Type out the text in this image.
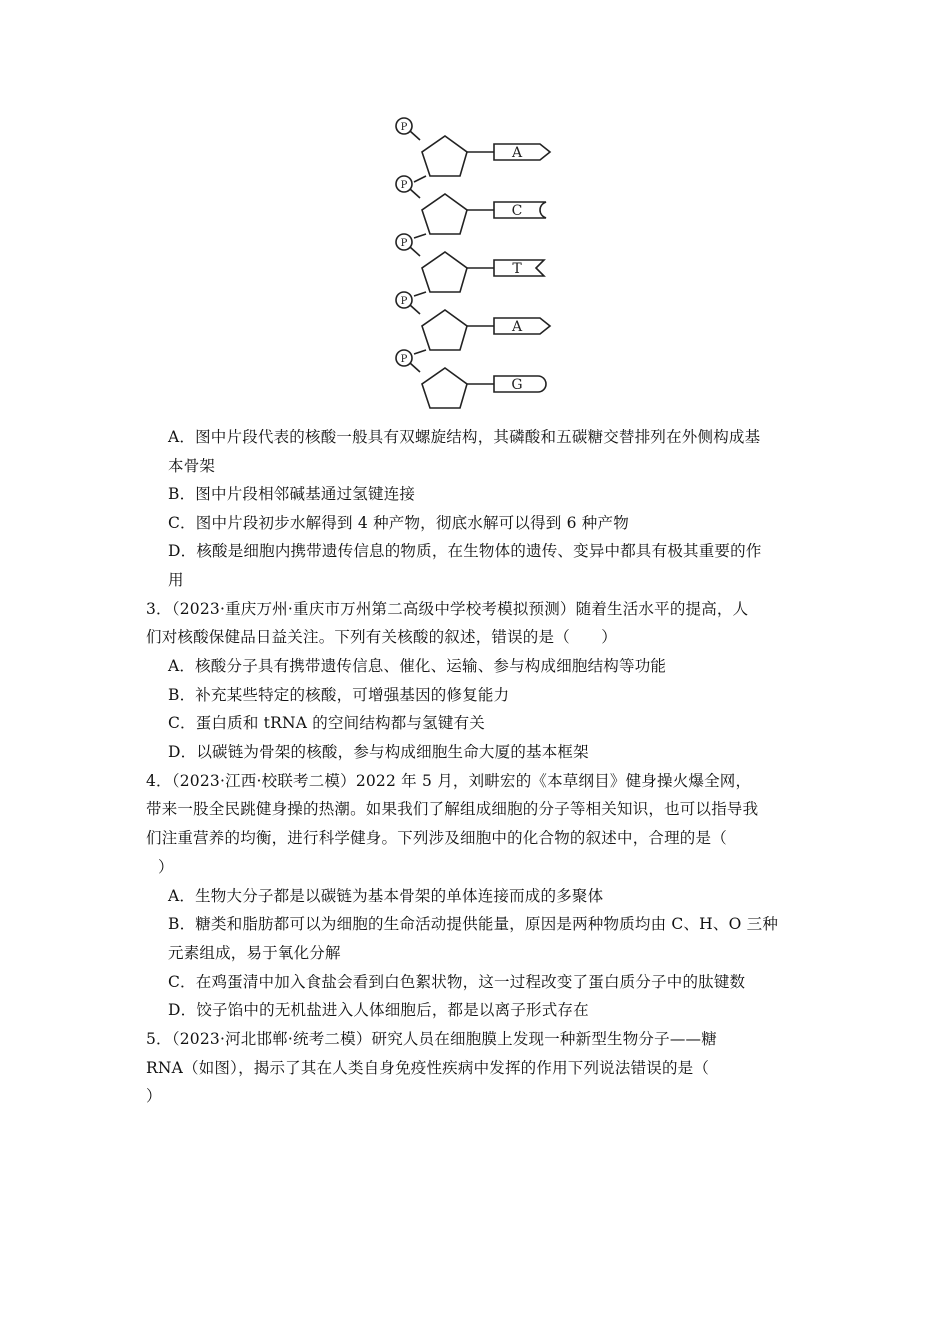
P
P
P
P
P
A
C
T
A
G
A．图中片段代表的核酸一般具有双螺旋结构，其磷酸和五碳糖交替排列在外侧构成基
本骨架
B．图中片段相邻碱基通过氢键连接
C．图中片段初步水解得到 4 种产物，彻底水解可以得到 6 种产物
D．核酸是细胞内携带遗传信息的物质，在生物体的遗传、变异中都具有极其重要的作
用
3．（2023·重庆万州·重庆市万州第二高级中学校考模拟预测）随着生活水平的提高，人
们对核酸保健品日益关注。下列有关核酸的叙述，错误的是（　　）
A．核酸分子具有携带遗传信息、催化、运输、参与构成细胞结构等功能
B．补充某些特定的核酸，可增强基因的修复能力
C．蛋白质和 tRNA 的空间结构都与氢键有关
D．以碳链为骨架的核酸，参与构成细胞生命大厦的基本框架
4．（2023·江西·校联考二模）2022 年 5 月，刘畊宏的《本草纲目》健身操火爆全网，
带来一股全民跳健身操的热潮。如果我们了解组成细胞的分子等相关知识，也可以指导我
们注重营养的均衡，进行科学健身。下列涉及细胞中的化合物的叙述中，合理的是（
）
A．生物大分子都是以碳链为基本骨架的单体连接而成的多聚体
B．糖类和脂肪都可以为细胞的生命活动提供能量，原因是两种物质均由 C、H、O 三种
元素组成，易于氧化分解
C．在鸡蛋清中加入食盐会看到白色絮状物，这一过程改变了蛋白质分子中的肽键数
D．饺子馅中的无机盐进入人体细胞后，都是以离子形式存在
5．（2023·河北邯郸·统考二模）研究人员在细胞膜上发现一种新型生物分子——糖
RNA（如图），揭示了其在人类自身免疫性疾病中发挥的作用下列说法错误的是（
）
